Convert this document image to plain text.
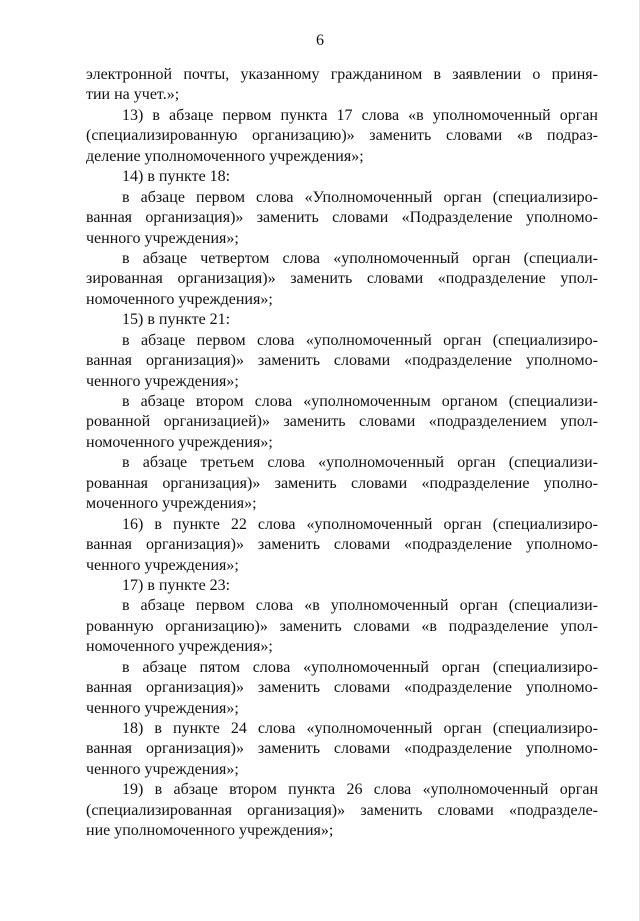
6
электронной почты, указанному гражданином в заявлении о приня-
тии на учет.»;
13) в абзаце первом пункта 17 слова «в уполномоченный орган
(специализированную организацию)» заменить словами «в подраз-
деление уполномоченного учреждения»;
14) в пункте 18:
в абзаце первом слова «Уполномоченный орган (специализиро-
ванная организация)» заменить словами «Подразделение уполномо-
ченного учреждения»;
в абзаце четвертом слова «уполномоченный орган (специали-
зированная организация)» заменить словами «подразделение упол-
номоченного учреждения»;
15) в пункте 21:
в абзаце первом слова «уполномоченный орган (специализиро-
ванная организация)» заменить словами «подразделение уполномо-
ченного учреждения»;
в абзаце втором слова «уполномоченным органом (специализи-
рованной организацией)» заменить словами «подразделением упол-
номоченного учреждения»;
в абзаце третьем слова «уполномоченный орган (специализи-
рованная организация)» заменить словами «подразделение уполно-
моченного учреждения»;
16) в пункте 22 слова «уполномоченный орган (специализиро-
ванная организация)» заменить словами «подразделение уполномо-
ченного учреждения»;
17) в пункте 23:
в абзаце первом слова «в уполномоченный орган (специализи-
рованную организацию)» заменить словами «в подразделение упол-
номоченного учреждения»;
в абзаце пятом слова «уполномоченный орган (специализиро-
ванная организация)» заменить словами «подразделение уполномо-
ченного учреждения»;
18) в пункте 24 слова «уполномоченный орган (специализиро-
ванная организация)» заменить словами «подразделение уполномо-
ченного учреждения»;
19) в абзаце втором пункта 26 слова «уполномоченный орган
(специализированная организация)» заменить словами «подразделе-
ние уполномоченного учреждения»;
